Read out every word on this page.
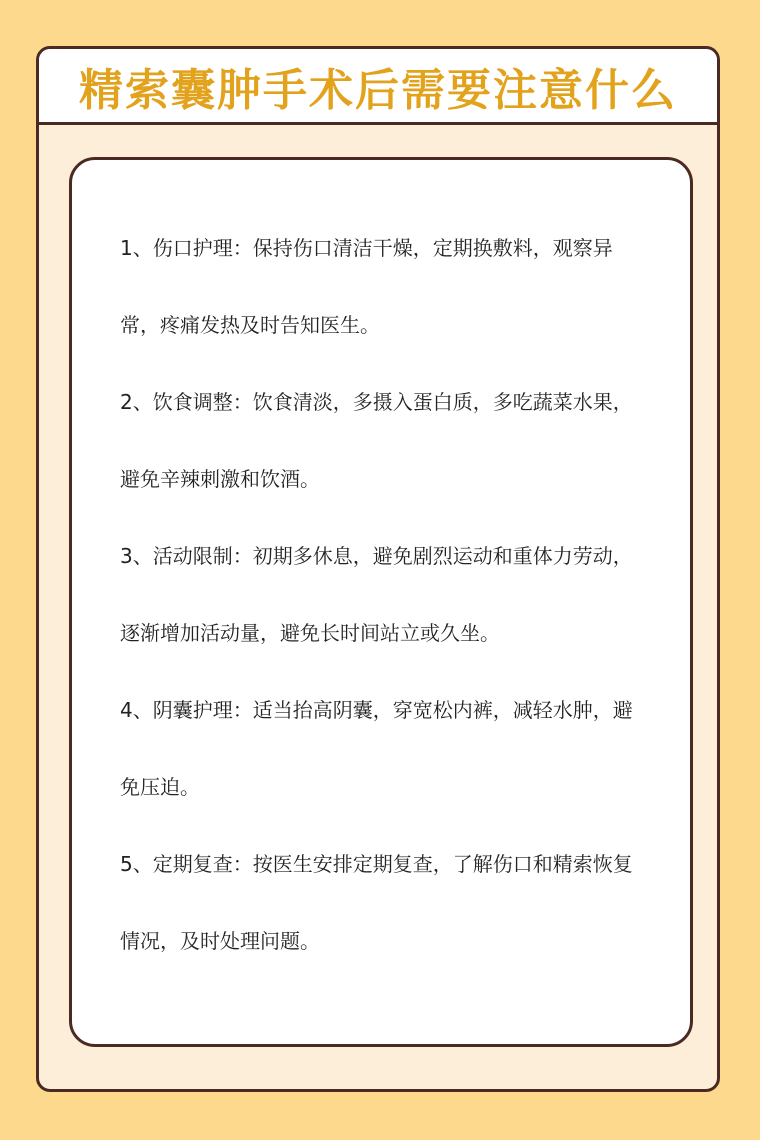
精索囊肿手术后需要注意什么
1、伤口护理：保持伤口清洁干燥，定期换敷料，观察异常，疼痛发热及时告知医生。
2、饮食调整：饮食清淡，多摄入蛋白质，多吃蔬菜水果，避免辛辣刺激和饮酒。
3、活动限制：初期多休息，避免剧烈运动和重体力劳动，逐渐增加活动量，避免长时间站立或久坐。
4、阴囊护理：适当抬高阴囊，穿宽松内裤，减轻水肿，避免压迫。
5、定期复查：按医生安排定期复查，了解伤口和精索恢复情况，及时处理问题。
